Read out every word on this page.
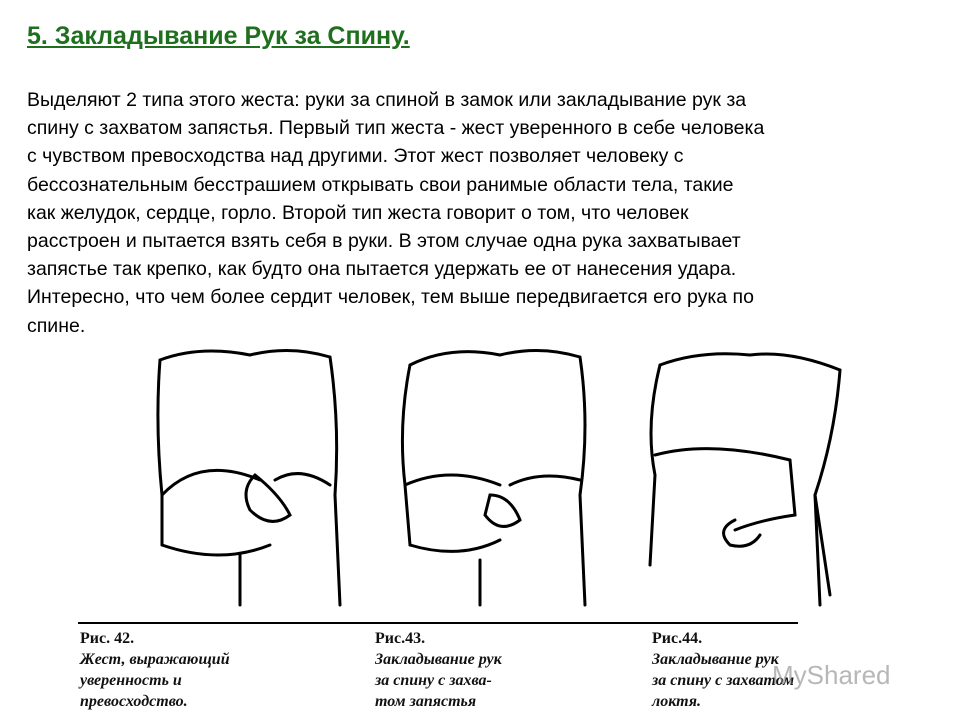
5. Закладывание Рук за Спину.
Выделяют 2 типа этого жеста: руки за спиной в замок или закладывание рук за
спину с захватом запястья. Первый тип жеста - жест уверенного в себе человека
с чувством превосходства над другими. Этот жест позволяет человеку с
бессознательным бесстрашием открывать свои ранимые области тела, такие
как желудок, сердце, горло. Второй тип жеста говорит о том, что человек
расстроен и пытается взять себя в руки. В этом случае одна рука захватывает
запястье так крепко, как будто она пытается удержать ее от нанесения удара.
Интересно, что чем более сердит человек, тем выше передвигается его рука по
спине.
Рис. 42.
Жест, выражающий
уверенность и
превосходство.
Рис.43.
Закладывание рук
за спину с захва-
том запястья
Рис.44.
Закладывание рук
за спину с захватом
локтя.
MyShared
